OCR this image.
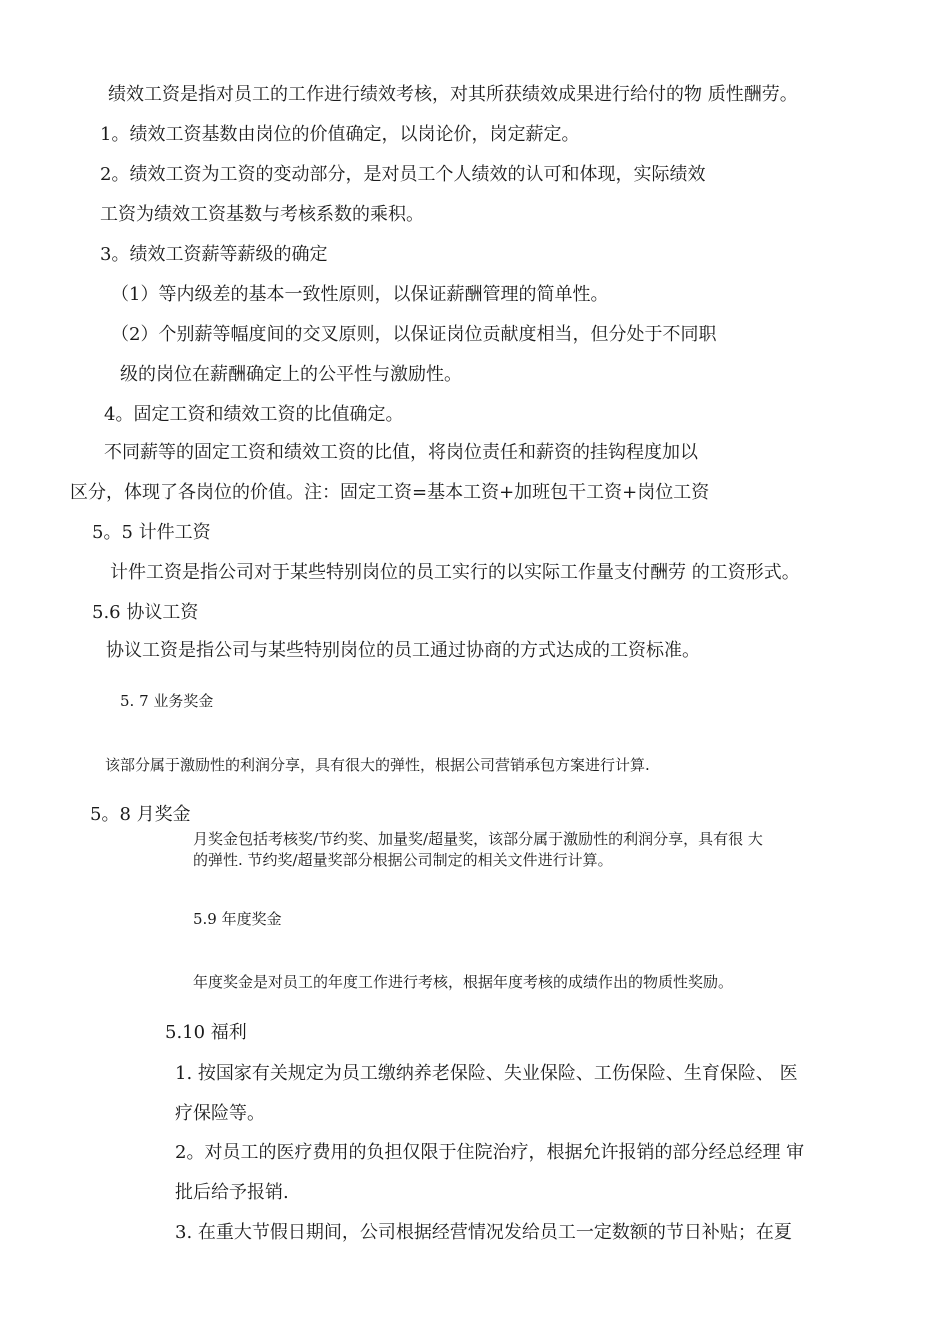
绩效工资是指对员工的工作进行绩效考核，对其所获绩效成果进行给付的物 质性酬劳。

1。绩效工资基数由岗位的价值确定，以岗论价，岗定薪定。

2。绩效工资为工资的变动部分，是对员工个人绩效的认可和体现，实际绩效

工资为绩效工资基数与考核系数的乘积。

3。绩效工资薪等薪级的确定

（1）等内级差的基本一致性原则，以保证薪酬管理的简单性。

（2）个别薪等幅度间的交叉原则，以保证岗位贡献度相当，但分处于不同职

级的岗位在薪酬确定上的公平性与激励性。

4。固定工资和绩效工资的比值确定。

不同薪等的固定工资和绩效工资的比值，将岗位责任和薪资的挂钩程度加以

区分，体现了各岗位的价值。注：固定工资=基本工资+加班包干工资+岗位工资

5。5 计件工资

计件工资是指公司对于某些特别岗位的员工实行的以实际工作量支付酬劳 的工资形式。

5.6 协议工资

协议工资是指公司与某些特别岗位的员工通过协商的方式达成的工资标准。

5. 7 业务奖金

该部分属于激励性的利润分享，具有很大的弹性，根据公司营销承包方案进行计算.

5。8 月奖金

月奖金包括考核奖/节约奖、加量奖/超量奖，该部分属于激励性的利润分享，具有很 大

的弹性. 节约奖/超量奖部分根据公司制定的相关文件进行计算。

5.9 年度奖金

年度奖金是对员工的年度工作进行考核，根据年度考核的成绩作出的物质性奖励。

5.10 福利

1. 按国家有关规定为员工缴纳养老保险、失业保险、工伤保险、生育保险、 医

疗保险等。

2。对员工的医疗费用的负担仅限于住院治疗，根据允许报销的部分经总经理 审

批后给予报销.

3. 在重大节假日期间，公司根据经营情况发给员工一定数额的节日补贴；在夏
